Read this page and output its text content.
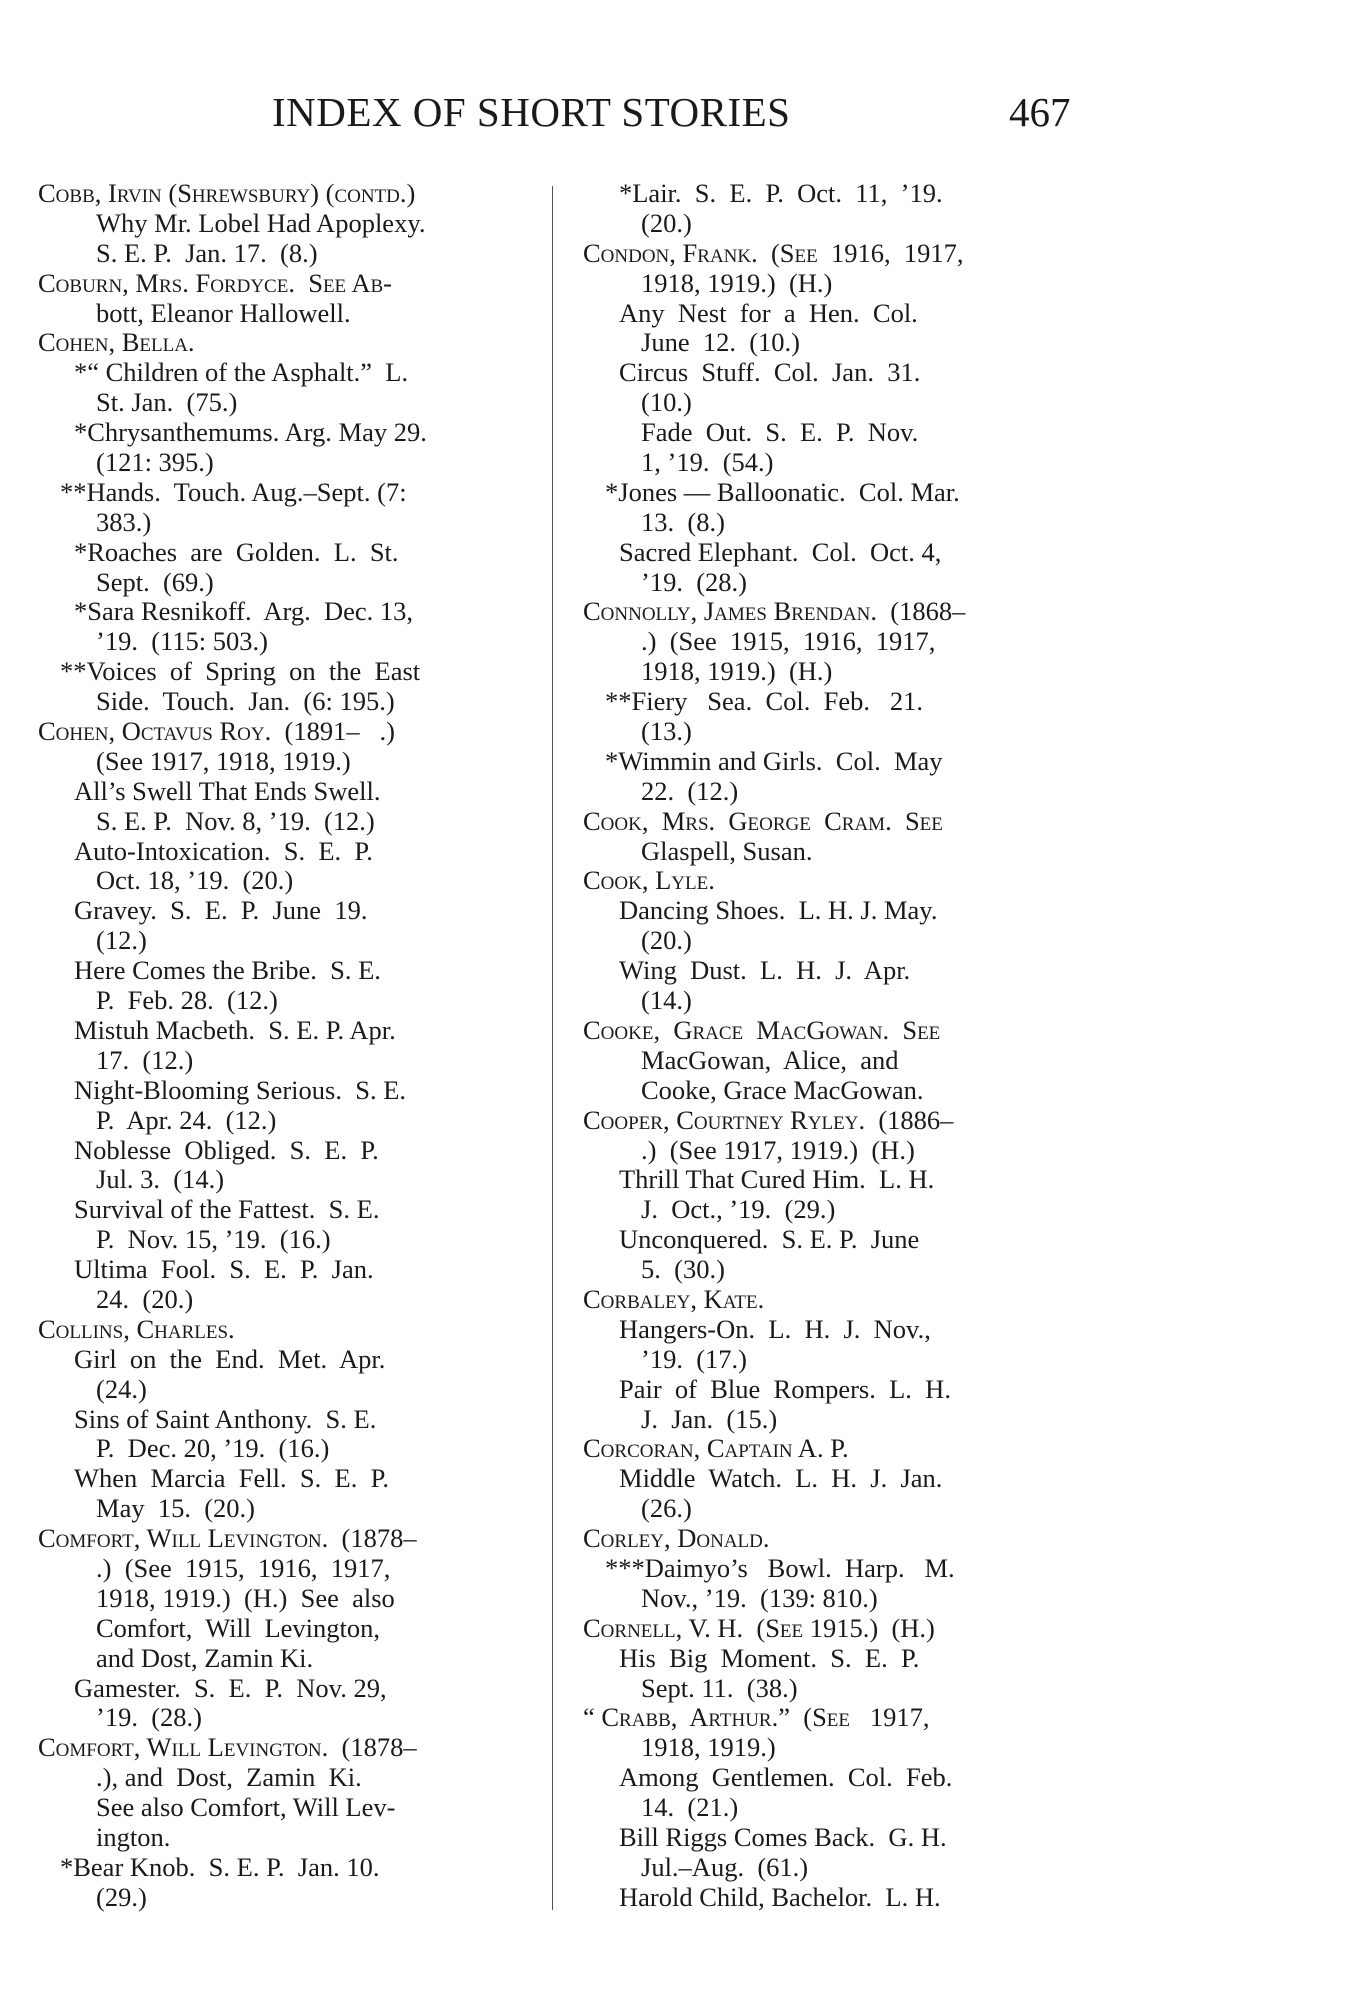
INDEX OF SHORT STORIES	467
Cobb, Irvin (Shrewsbury) (contd.)
Why Mr. Lobel Had Apoplexy.
S. E. P.  Jan. 17.  (8.)
Coburn, Mrs. Fordyce.  See Ab-
bott, Eleanor Hallowell.
Cohen, Bella.
*“ Children of the Asphalt.”  L.
St. Jan.  (75.)
*Chrysanthemums. Arg. May 29.
(121: 395.)
**Hands.  Touch. Aug.–Sept. (7:
383.)
*Roaches  are  Golden.  L.  St.
Sept.  (69.)
*Sara Resnikoff.  Arg.  Dec. 13,
’19.  (115: 503.)
**Voices  of  Spring  on  the  East
Side.  Touch.  Jan.  (6: 195.)
Cohen, Octavus Roy.  (1891–   .)
(See 1917, 1918, 1919.)
All’s Swell That Ends Swell.
S. E. P.  Nov. 8, ’19.  (12.)
Auto-Intoxication.  S.  E.  P.
Oct. 18, ’19.  (20.)
Gravey.  S.  E.  P.  June  19.
(12.)
Here Comes the Bribe.  S. E.
P.  Feb. 28.  (12.)
Mistuh Macbeth.  S. E. P. Apr.
17.  (12.)
Night-Blooming Serious.  S. E.
P.  Apr. 24.  (12.)
Noblesse  Obliged.  S.  E.  P.
Jul. 3.  (14.)
Survival of the Fattest.  S. E.
P.  Nov. 15, ’19.  (16.)
Ultima  Fool.  S.  E.  P.  Jan.
24.  (20.)
Collins, Charles.
Girl  on  the  End.  Met.  Apr.
(24.)
Sins of Saint Anthony.  S. E.
P.  Dec. 20, ’19.  (16.)
When  Marcia  Fell.  S.  E.  P.
May  15.  (20.)
Comfort, Will Levington.  (1878–
.)  (See  1915,  1916,  1917,
1918, 1919.)  (H.)  See  also
Comfort,  Will  Levington,
and Dost, Zamin Ki.
Gamester.  S.  E.  P.  Nov. 29,
’19.  (28.)
Comfort, Will Levington.  (1878–
.), and  Dost,  Zamin  Ki.
See also Comfort, Will Lev-
ington.
*Bear Knob.  S. E. P.  Jan. 10.
(29.)
*Lair.  S.  E.  P.  Oct.  11,  ’19.
(20.)
Condon, Frank.  (See  1916,  1917,
1918, 1919.)  (H.)
Any  Nest  for  a  Hen.  Col.
June  12.  (10.)
Circus  Stuff.  Col.  Jan.  31.
(10.)
Fade  Out.  S.  E.  P.  Nov.
1, ’19.  (54.)
*Jones — Balloonatic.  Col. Mar.
13.  (8.)
Sacred Elephant.  Col.  Oct. 4,
’19.  (28.)
Connolly, James Brendan.  (1868–
.)  (See  1915,  1916,  1917,
1918, 1919.)  (H.)
**Fiery   Sea.  Col.  Feb.   21.
(13.)
*Wimmin and Girls.  Col.  May
22.  (12.)
Cook,  Mrs.  George  Cram.  See
Glaspell, Susan.
Cook, Lyle.
Dancing Shoes.  L. H. J. May.
(20.)
Wing  Dust.  L.  H.  J.  Apr.
(14.)
Cooke,  Grace  MacGowan.  See
MacGowan,  Alice,  and
Cooke, Grace MacGowan.
Cooper, Courtney Ryley.  (1886–
.)  (See 1917, 1919.)  (H.)
Thrill That Cured Him.  L. H.
J.  Oct., ’19.  (29.)
Unconquered.  S. E. P.  June
5.  (30.)
Corbaley, Kate.
Hangers-On.  L.  H.  J.  Nov.,
’19.  (17.)
Pair  of  Blue  Rompers.  L.  H.
J.  Jan.  (15.)
Corcoran, Captain A. P.
Middle  Watch.  L.  H.  J.  Jan.
(26.)
Corley, Donald.
***Daimyo’s   Bowl.  Harp.   M.
Nov., ’19.  (139: 810.)
Cornell, V. H.  (See 1915.)  (H.)
His  Big  Moment.  S.  E.  P.
Sept. 11.  (38.)
“ Crabb,  Arthur.”  (See   1917,
1918, 1919.)
Among  Gentlemen.  Col.  Feb.
14.  (21.)
Bill Riggs Comes Back.  G. H.
Jul.–Aug.  (61.)
Harold Child, Bachelor.  L. H.
